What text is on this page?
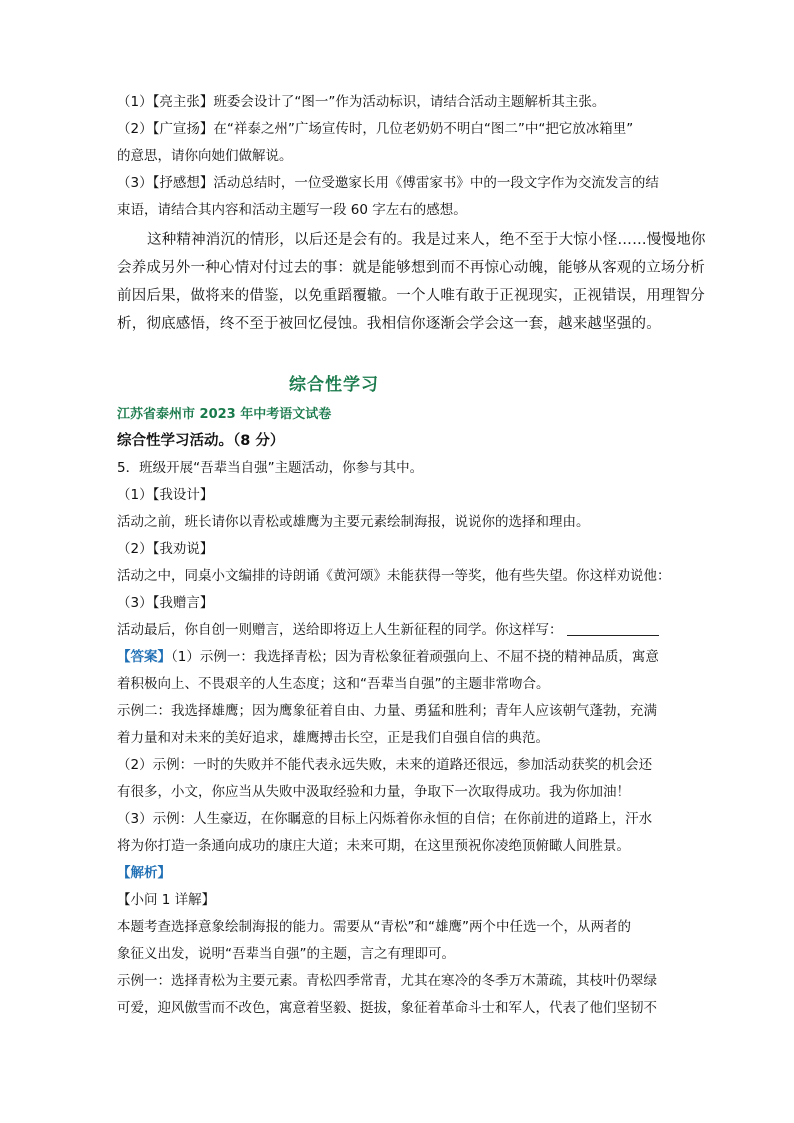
（1）【亮主张】班委会设计了“图一”作为活动标识，请结合活动主题解析其主张。
（2）【广宣扬】在“祥泰之州”广场宣传时，几位老奶奶不明白“图二”中“把它放冰箱里”
的意思，请你向她们做解说。
（3）【抒感想】活动总结时，一位受邀家长用《傅雷家书》中的一段文字作为交流发言的结
束语，请结合其内容和活动主题写一段 60 字左右的感想。
这种精神消沉的情形，以后还是会有的。我是过来人，绝不至于大惊小怪……慢慢地你
会养成另外一种心情对付过去的事：就是能够想到而不再惊心动魄，能够从客观的立场分析
前因后果，做将来的借鉴，以免重蹈覆辙。一个人唯有敢于正视现实，正视错误，用理智分
析，彻底感悟，终不至于被回忆侵蚀。我相信你逐渐会学会这一套，越来越坚强的。
综合性学习
江苏省泰州市 2023 年中考语文试卷
综合性学习活动。（8 分）
5．班级开展“吾辈当自强”主题活动，你参与其中。
（1）【我设计】
活动之前，班长请你以青松或雄鹰为主要元素绘制海报，说说你的选择和理由。
（2）【我劝说】
活动之中，同桌小文编排的诗朗诵《黄河颂》未能获得一等奖，他有些失望。你这样劝说他：
（3）【我赠言】
活动最后，你自创一则赠言，送给即将迈上人生新征程的同学。你这样写：
【答案】（1）示例一：我选择青松；因为青松象征着顽强向上、不屈不挠的精神品质，寓意
着积极向上、不畏艰辛的人生态度；这和“吾辈当自强”的主题非常吻合。
示例二：我选择雄鹰；因为鹰象征着自由、力量、勇猛和胜利；青年人应该朝气蓬勃，充满
着力量和对未来的美好追求，雄鹰搏击长空，正是我们自强自信的典范。
（2）示例：一时的失败并不能代表永远失败，未来的道路还很远，参加活动获奖的机会还
有很多，小文，你应当从失败中汲取经验和力量，争取下一次取得成功。我为你加油！
（3）示例：人生豪迈，在你瞩意的目标上闪烁着你永恒的自信；在你前进的道路上，汗水
将为你打造一条通向成功的康庄大道；未来可期，在这里预祝你凌绝顶俯瞰人间胜景。
【解析】
【小问 1 详解】
本题考查选择意象绘制海报的能力。需要从“青松”和“雄鹰”两个中任选一个，从两者的
象征义出发，说明“吾辈当自强”的主题，言之有理即可。
示例一：选择青松为主要元素。青松四季常青，尤其在寒冷的冬季万木萧疏，其枝叶仍翠绿
可爱，迎风傲雪而不改色，寓意着坚毅、挺拔，象征着革命斗士和军人，代表了他们坚韧不
